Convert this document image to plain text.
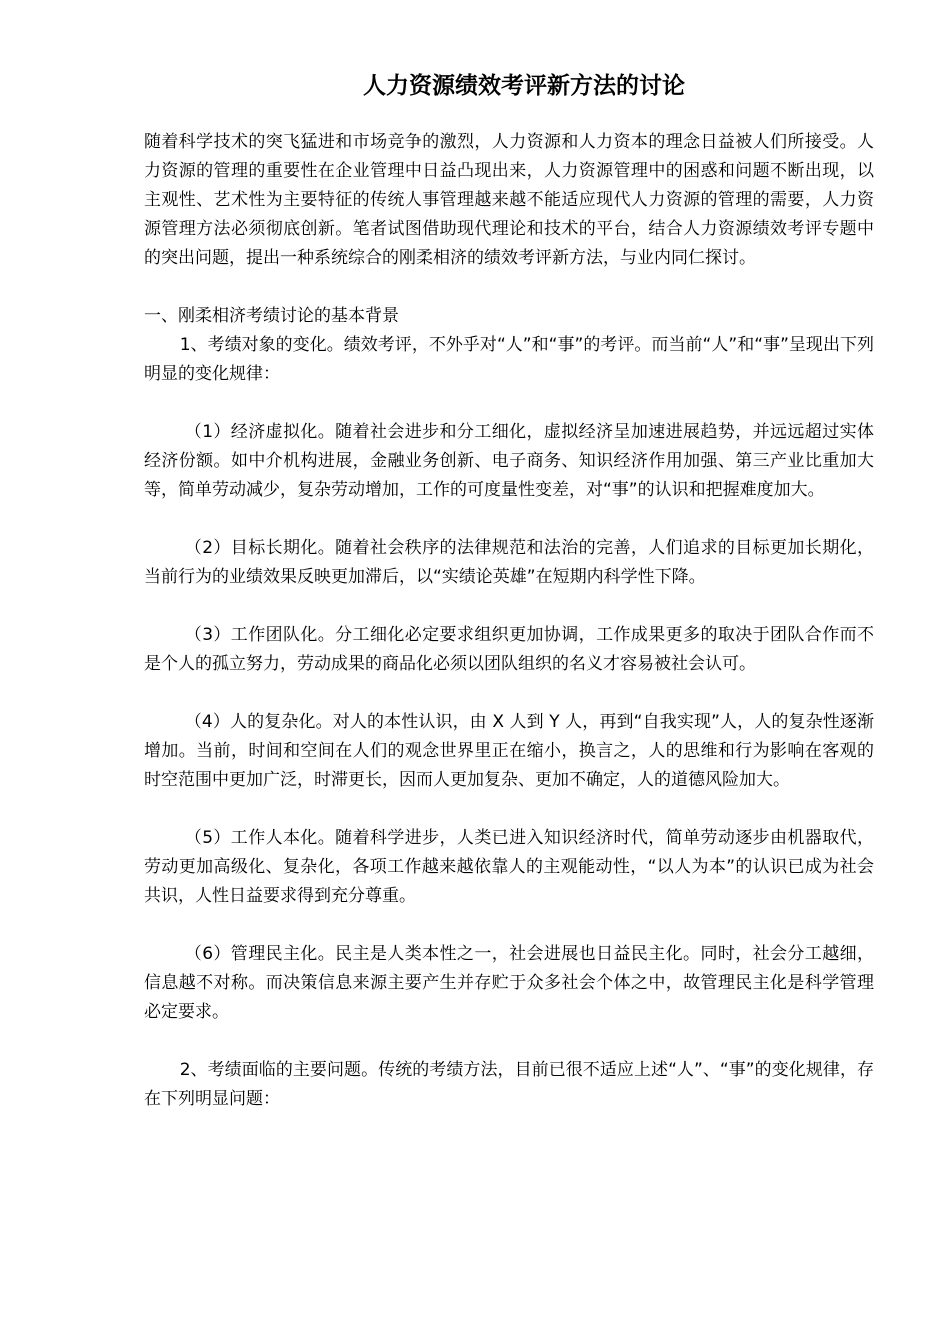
人力资源绩效考评新方法的讨论

随着科学技术的突飞猛进和市场竞争的激烈，人力资源和人力资本的理念日益被人们所接受。人力资源的管理的重要性在企业管理中日益凸现出来，人力资源管理中的困惑和问题不断出现，以主观性、艺术性为主要特征的传统人事管理越来越不能适应现代人力资源的管理的需要，人力资源管理方法必须彻底创新。笔者试图借助现代理论和技术的平台，结合人力资源绩效考评专题中的突出问题，提出一种系统综合的刚柔相济的绩效考评新方法，与业内同仁探讨。

一、刚柔相济考绩讨论的基本背景

1、考绩对象的变化。绩效考评，不外乎对“人”和“事”的考评。而当前“人”和“事”呈现出下列明显的变化规律：

（1）经济虚拟化。随着社会进步和分工细化，虚拟经济呈加速进展趋势，并远远超过实体经济份额。如中介机构进展，金融业务创新、电子商务、知识经济作用加强、第三产业比重加大等，简单劳动减少，复杂劳动增加，工作的可度量性变差，对“事”的认识和把握难度加大。

（2）目标长期化。随着社会秩序的法律规范和法治的完善，人们追求的目标更加长期化，当前行为的业绩效果反映更加滞后，以“实绩论英雄”在短期内科学性下降。

（3）工作团队化。分工细化必定要求组织更加协调，工作成果更多的取决于团队合作而不是个人的孤立努力，劳动成果的商品化必须以团队组织的名义才容易被社会认可。

（4）人的复杂化。对人的本性认识，由 X 人到 Y 人，再到“自我实现”人，人的复杂性逐渐增加。当前，时间和空间在人们的观念世界里正在缩小，换言之，人的思维和行为影响在客观的时空范围中更加广泛，时滞更长，因而人更加复杂、更加不确定，人的道德风险加大。

（5）工作人本化。随着科学进步，人类已进入知识经济时代，简单劳动逐步由机器取代，劳动更加高级化、复杂化，各项工作越来越依靠人的主观能动性，“以人为本”的认识已成为社会共识，人性日益要求得到充分尊重。

（6）管理民主化。民主是人类本性之一，社会进展也日益民主化。同时，社会分工越细，信息越不对称。而决策信息来源主要产生并存贮于众多社会个体之中，故管理民主化是科学管理必定要求。

2、考绩面临的主要问题。传统的考绩方法，目前已很不适应上述“人”、“事”的变化规律，存在下列明显问题：
